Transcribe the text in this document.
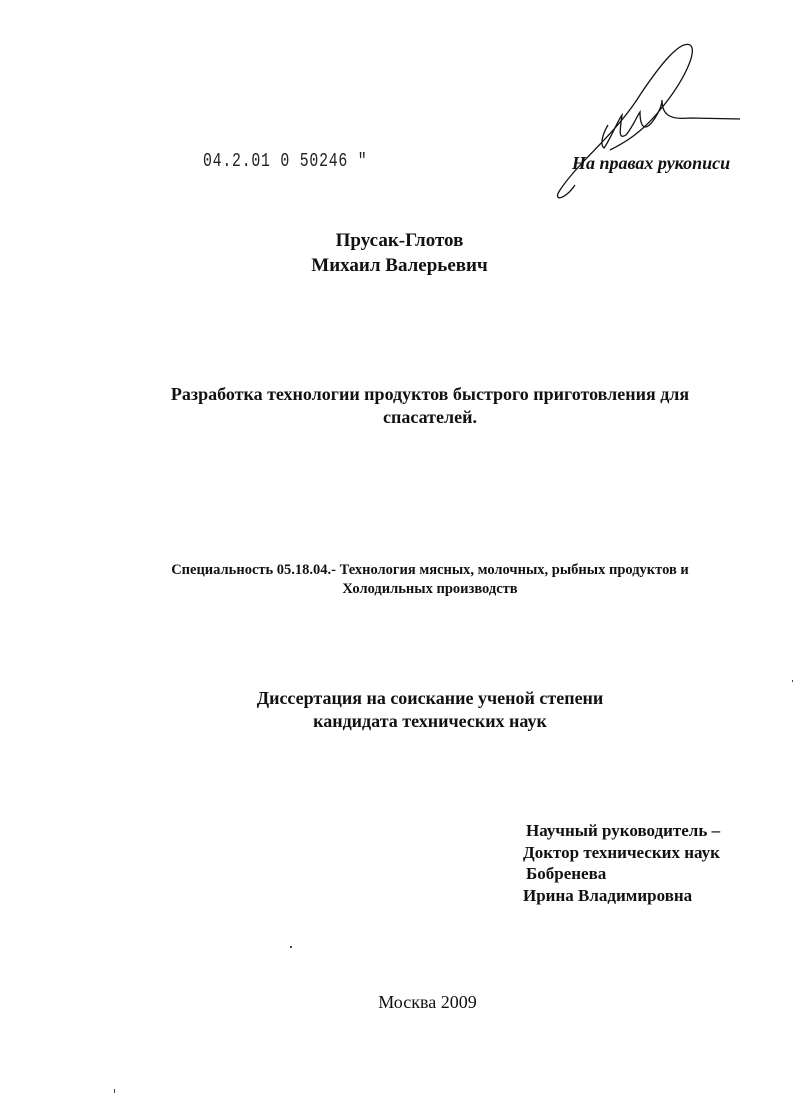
04.2.01 0 50246 "	На правах рукописи
Прусак-Глотов
Михаил Валерьевич
Разработка технологии продуктов быстрого приготовления для
спасателей.
Специальность 05.18.04.- Технология мясных, молочных, рыбных продуктов и
Холодильных производств
Диссертация на соискание ученой степени
кандидата технических наук
Научный руководитель –
Доктор технических наук
Бобренева
Ирина Владимировна
Москва 2009
